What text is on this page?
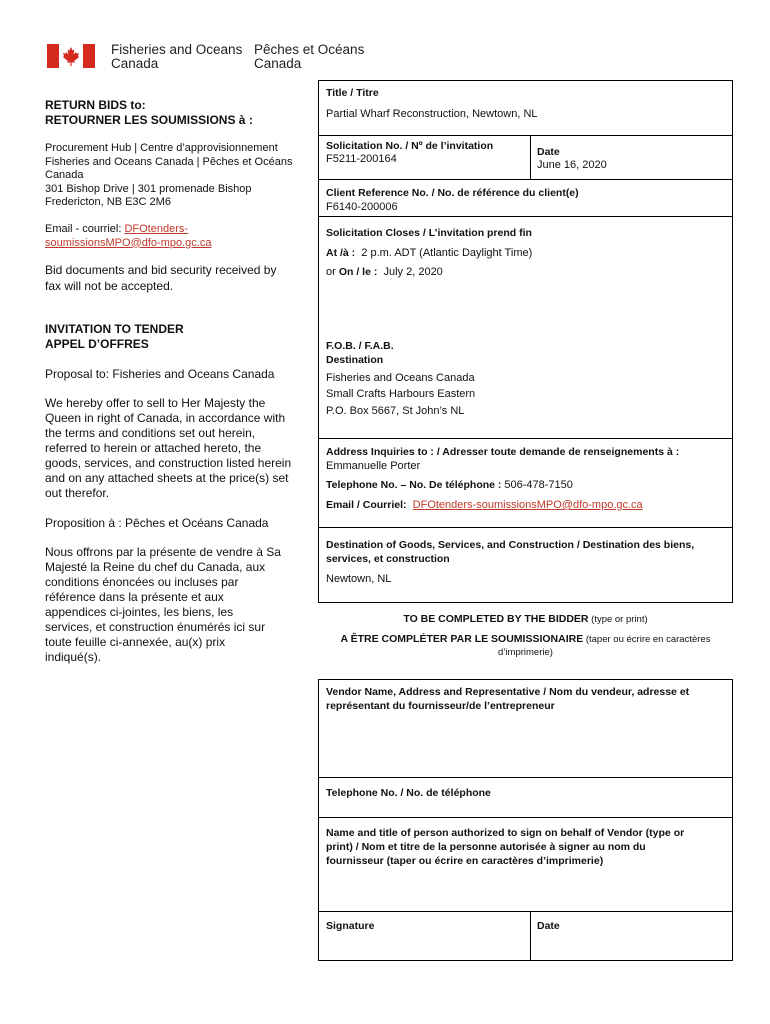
Fisheries and Oceans
Canada
Pêches et Océans
Canada
RETURN BIDS to:
RETOURNER LES SOUMISSIONS à :
Procurement Hub | Centre d’approvisionnement
Fisheries and Oceans Canada | Pêches et Océans
Canada
301 Bishop Drive | 301 promenade Bishop
Fredericton, NB E3C 2M6
Email - courriel: DFOtenders-
soumissionsMPO@dfo-mpo.gc.ca
Bid documents and bid security received by
fax will not be accepted.
INVITATION TO TENDER
APPEL D’OFFRES
Proposal to: Fisheries and Oceans Canada
We hereby offer to sell to Her Majesty the
Queen in right of Canada, in accordance with
the terms and conditions set out herein,
referred to herein or attached hereto, the
goods, services, and construction listed herein
and on any attached sheets at the price(s) set
out therefor.
Proposition à : Pêches et Océans Canada
Nous offrons par la présente de vendre à Sa
Majesté la Reine du chef du Canada, aux
conditions énoncées ou incluses par
référence dans la présente et aux
appendices ci-jointes, les biens, les
services, et construction énumérés ici sur
toute feuille ci-annexée, au(x) prix
indiqué(s).
Title / Titre
Partial Wharf Reconstruction, Newtown, NL
Solicitation No. / Nº de l’invitation
F5211-200164
Date
June 16, 2020
Client Reference No. / No. de référence du client(e)
F6140-200006
Solicitation Closes / L’invitation prend fin
At /à : 2 p.m. ADT (Atlantic Daylight Time)
or On / le : July 2, 2020
F.O.B. / F.A.B.
Destination
Fisheries and Oceans Canada
Small Crafts Harbours Eastern
P.O. Box 5667, St John’s NL
Address Inquiries to : / Adresser toute demande de renseignements à :
Emmanuelle Porter
Telephone No. – No. De téléphone : 506-478-7150
Email / Courriel: DFOtenders-soumissionsMPO@dfo-mpo.gc.ca
Destination of Goods, Services, and Construction / Destination des biens,
services, et construction
Newtown, NL
TO BE COMPLETED BY THE BIDDER (type or print)
A ÊTRE COMPLÉTER PAR LE SOUMISSIONAIRE (taper ou écrire en caractères
d’imprimerie)
Vendor Name, Address and Representative / Nom du vendeur, adresse et
représentant du fournisseur/de l’entrepreneur
Telephone No. / No. de téléphone
Name and title of person authorized to sign on behalf of Vendor (type or
print) / Nom et titre de la personne autorisée à signer au nom du
fournisseur (taper ou écrire en caractères d’imprimerie)
Signature	Date
